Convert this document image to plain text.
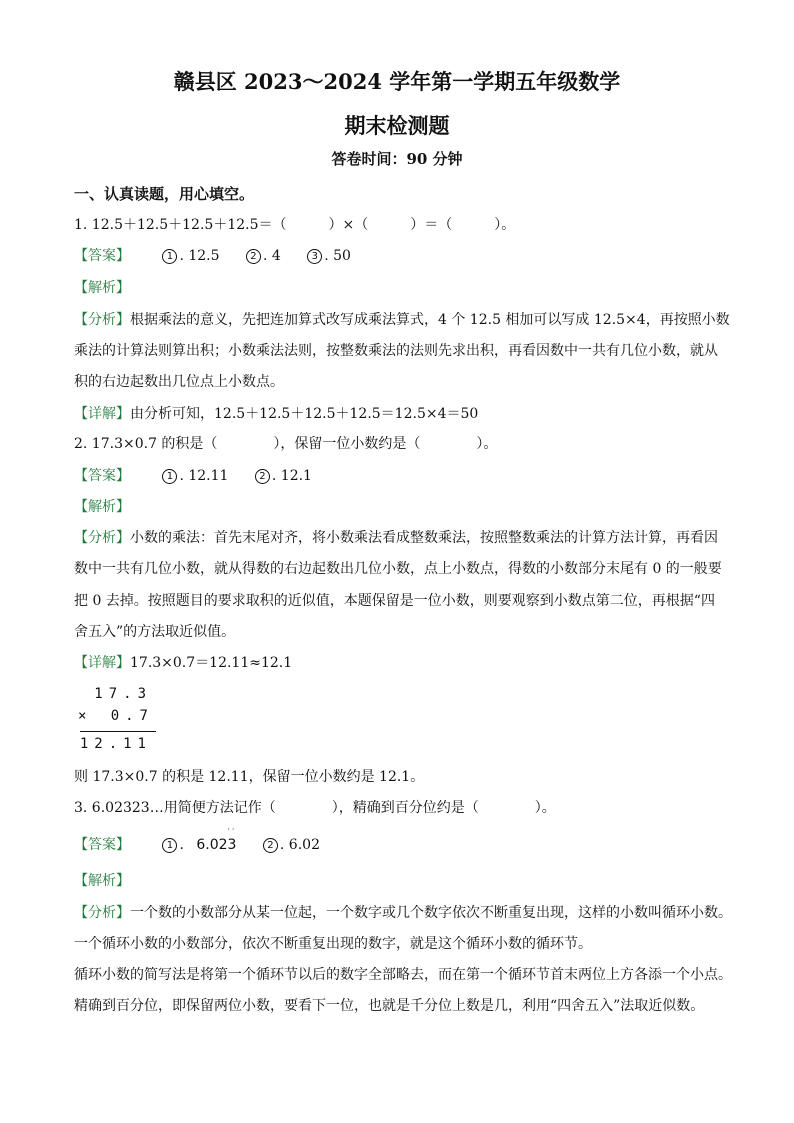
赣县区 2023～2024 学年第一学期五年级数学
期末检测题
答卷时间：90 分钟
一、认真读题，用心填空。
1. 12.5＋12.5＋12.5＋12.5＝（　　　）×（　　　）＝（　　　）。
【答案】	1 . 12.5	2 . 4	3 . 50
【解析】
【分析】根据乘法的意义，先把连加算式改写成乘法算式，4 个 12.5 相加可以写成 12.5×4，再按照小数
乘法的计算法则算出积；小数乘法法则，按整数乘法的法则先求出积，再看因数中一共有几位小数，就从
积的右边起数出几位点上小数点。
【详解】由分析可知，12.5＋12.5＋12.5＋12.5＝12.5×4＝50
2. 17.3×0.7 的积是（　　　　），保留一位小数约是（　　　　）。
【答案】	1 . 12.11	2 . 12.1
【解析】
【分析】小数的乘法：首先末尾对齐，将小数乘法看成整数乘法，按照整数乘法的计算方法计算，再看因
数中一共有几位小数，就从得数的右边起数出几位小数，点上小数点，得数的小数部分末尾有 0 的一般要
把 0 去掉。按照题目的要求取积的近似值，本题保留是一位小数，则要观察到小数点第二位，再根据“四
舍五入”的方法取近似值。
【详解】17.3×0.7＝12.11≈12.1
17.3
× 0.7
12.11
则 17.3×0.7 的积是 12.11，保留一位小数约是 12.1。
3. 6.02323…用简便方法记作（　　　　），精确到百分位约是（　　　　）。
【答案】	1 . 6.023
··
2 . 6.02
【解析】
【分析】一个数的小数部分从某一位起，一个数字或几个数字依次不断重复出现，这样的小数叫循环小数。
一个循环小数的小数部分，依次不断重复出现的数字，就是这个循环小数的循环节。
循环小数的简写法是将第一个循环节以后的数字全部略去，而在第一个循环节首末两位上方各添一个小点。
精确到百分位，即保留两位小数，要看下一位，也就是千分位上数是几，利用“四舍五入”法取近似数。
